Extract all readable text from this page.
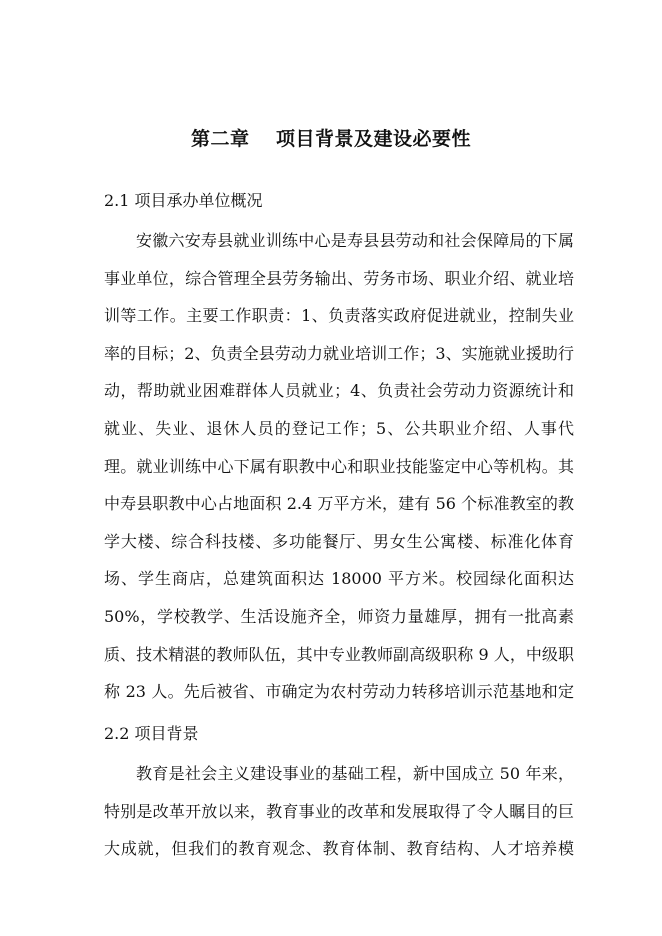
第二章　 项目背景及建设必要性
2.1 项目承办单位概况

安徽六安寿县就业训练中心是寿县县劳动和社会保障局的下属事业单位，综合管理全县劳务输出、劳务市场、职业介绍、就业培训等工作。主要工作职责：1、负责落实政府促进就业，控制失业率的目标；2、负责全县劳动力就业培训工作；3、实施就业援助行动，帮助就业困难群体人员就业；4、负责社会劳动力资源统计和就业、失业、退休人员的登记工作；5、公共职业介绍、人事代理。就业训练中心下属有职教中心和职业技能鉴定中心等机构。其中寿县职教中心占地面积 2.4 万平方米，建有 56 个标准教室的教学大楼、综合科技楼、多功能餐厅、男女生公寓楼、标准化体育场、学生商店，总建筑面积达 18000 平方米。校园绿化面积达 50%，学校教学、生活设施齐全，师资力量雄厚，拥有一批高素质、技术精湛的教师队伍，其中专业教师副高级职称 9 人，中级职称 23 人。先后被省、市确定为农村劳动力转移培训示范基地和定

2.2 项目背景

教育是社会主义建设事业的基础工程，新中国成立 50 年来，特别是改革开放以来，教育事业的改革和发展取得了令人瞩目的巨大成就，但我们的教育观念、教育体制、教育结构、人才培养模
